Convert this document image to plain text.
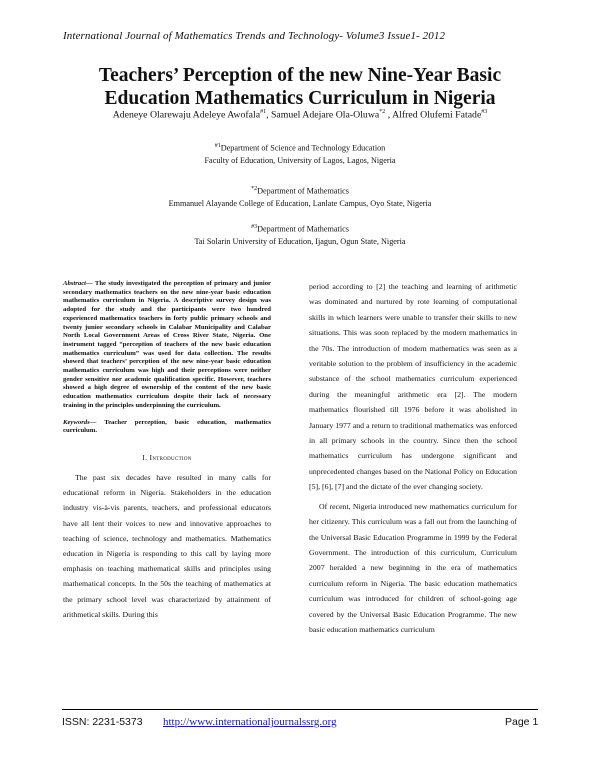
International Journal of Mathematics Trends and Technology- Volume3 Issue1- 2012
Teachers’ Perception of the new Nine-Year Basic
Education Mathematics Curriculum in Nigeria
Adeneye Olarewaju Adeleye Awofala$^{\#1}$, Samuel Adejare Ola-Oluwa$^{*2}$ , Alfred Olufemi Fatade$^{\#3}$
$^{\#1}$Department of Science and Technology Education
Faculty of Education, University of Lagos, Lagos, Nigeria
$^{*2}$Department of Mathematics
Emmanuel Alayande College of Education, Lanlate Campus, Oyo State, Nigeria
$^{\#3}$Department of Mathematics
Tai Solarin University of Education, Ijagun, Ogun State, Nigeria
Abstract— The study investigated the perception of primary and junior secondary mathematics teachers on the new nine-year basic education mathematics curriculum in Nigeria. A descriptive survey design was adopted for the study and the participants were two hundred experienced mathematics teachers in forty public primary schools and twenty junior secondary schools in Calabar Municipality and Calabar North Local Government Areas of Cross River State, Nigeria. One instrument tagged “perception of teachers of the new basic education mathematics curriculum” was used for data collection. The results showed that teachers’ perception of the new nine-year basic education mathematics curriculum was high and their perceptions were neither gender sensitive nor academic qualification specific. However, teachers showed a high degree of ownership of the content of the new basic education mathematics curriculum despite their lack of necessary training in the principles underpinning the curriculum.
Keywords— Teacher perception, basic education, mathematics curriculum.
I. Introduction

The past six decades have resulted in many calls for educational reform in Nigeria. Stakeholders in the education industry vis-à-vis parents, teachers, and professional educators have all lent their voices to new and innovative approaches to teaching of science, technology and mathematics. Mathematics education in Nigeria is responding to this call by laying more emphasis on teaching mathematical skills and principles using mathematical concepts. In the 50s the teaching of mathematics at the primary school level was characterized by attainment of arithmetical skills. During this

period according to [2] the teaching and learning of arithmetic was dominated and nurtured by rote learning of computational skills in which learners were unable to transfer their skills to new situations. This was soon replaced by the modern mathematics in the 70s. The introduction of modern mathematics was seen as a veritable solution to the problem of insufficiency in the academic substance of the school mathematics curriculum experienced during the meaningful arithmetic era [2]. The modern mathematics flourished till 1976 before it was abolished in January 1977 and a return to traditional mathematics was enforced in all primary schools in the country. Since then the school mathematics curriculum has undergone significant and unprecedented changes based on the National Policy on Education [5], [6], [7] and the dictate of the ever changing society.

Of recent, Nigeria introduced new mathematics curriculum for her citizenry. This curriculum was a fall out from the launching of the Universal Basic Education Programme in 1999 by the Federal Government. The introduction of this curriculum, Curriculum 2007 heralded a new beginning in the era of mathematics curriculum reform in Nigeria. The basic education mathematics curriculum was introduced for children of school-going age covered by the Universal Basic Education Programme. The new basic education mathematics curriculum

ISSN: 2231-5373 http://www.internationaljournalssrg.org	Page 1
